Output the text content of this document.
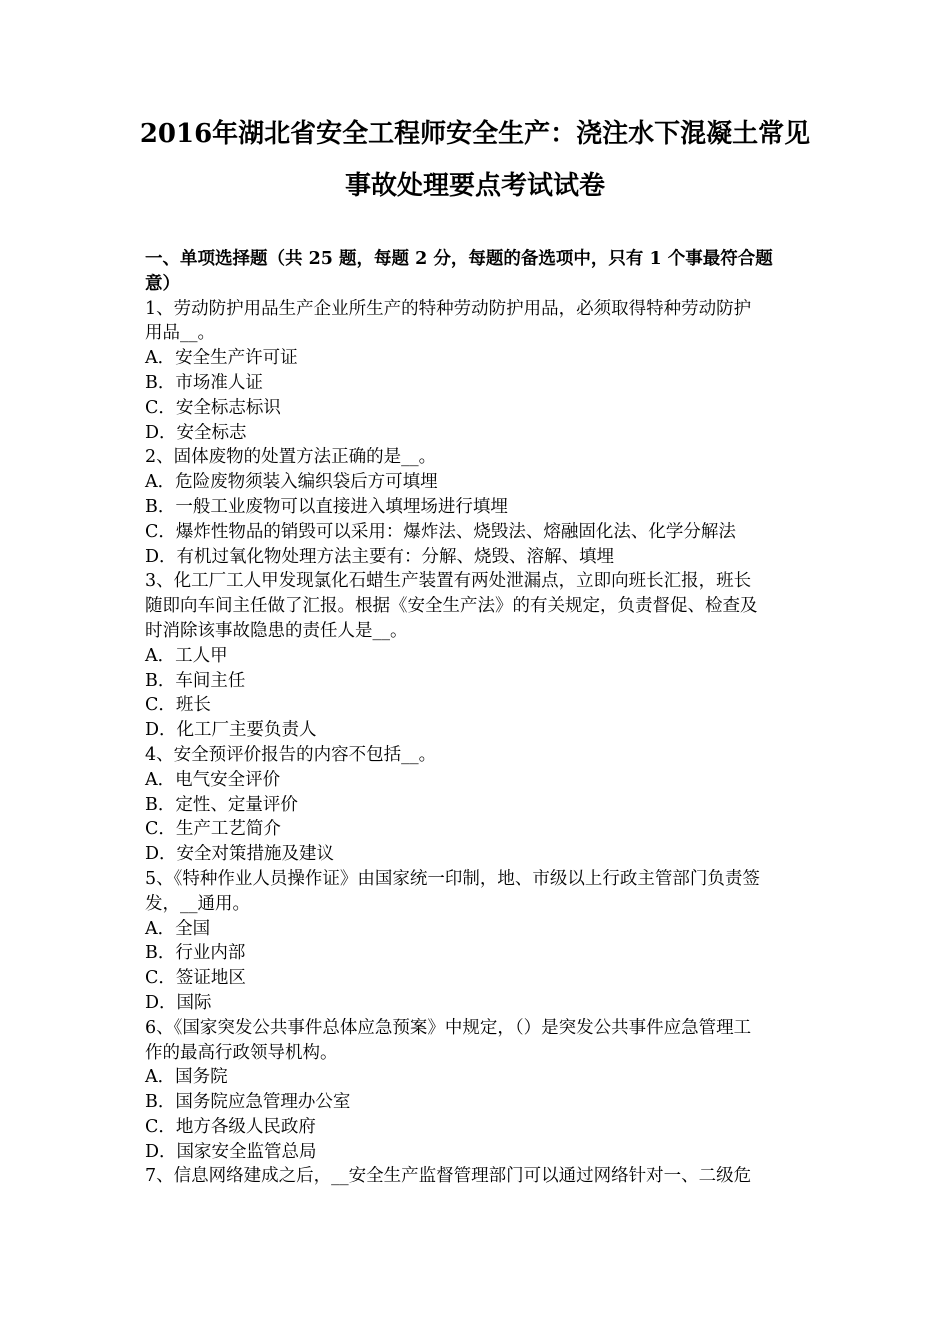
2016年湖北省安全工程师安全生产：浇注水下混凝土常见
事故处理要点考试试卷
一、单项选择题（共 25 题，每题 2 分，每题的备选项中，只有 1 个事最符合题
意）
1、劳动防护用品生产企业所生产的特种劳动防护用品，必须取得特种劳动防护
用品__。
A．安全生产许可证
B．市场准人证
C．安全标志标识
D．安全标志
2、固体废物的处置方法正确的是__。
A．危险废物须装入编织袋后方可填埋
B．一般工业废物可以直接进入填埋场进行填埋
C．爆炸性物品的销毁可以采用：爆炸法、烧毁法、熔融固化法、化学分解法
D．有机过氧化物处理方法主要有：分解、烧毁、溶解、填埋
3、化工厂工人甲发现氯化石蜡生产装置有两处泄漏点，立即向班长汇报，班长
随即向车间主任做了汇报。根据《安全生产法》的有关规定，负责督促、检查及
时消除该事故隐患的责任人是__。
A．工人甲
B．车间主任
C．班长
D．化工厂主要负责人
4、安全预评价报告的内容不包括__。
A．电气安全评价
B．定性、定量评价
C．生产工艺简介
D．安全对策措施及建议
5、《特种作业人员操作证》由国家统一印制，地、市级以上行政主管部门负责签
发，__通用。
A．全国
B．行业内部
C．签证地区
D．国际
6、《国家突发公共事件总体应急预案》中规定，（）是突发公共事件应急管理工
作的最高行政领导机构。
A．国务院
B．国务院应急管理办公室
C．地方各级人民政府
D．国家安全监管总局
7、信息网络建成之后，__安全生产监督管理部门可以通过网络针对一、二级危
